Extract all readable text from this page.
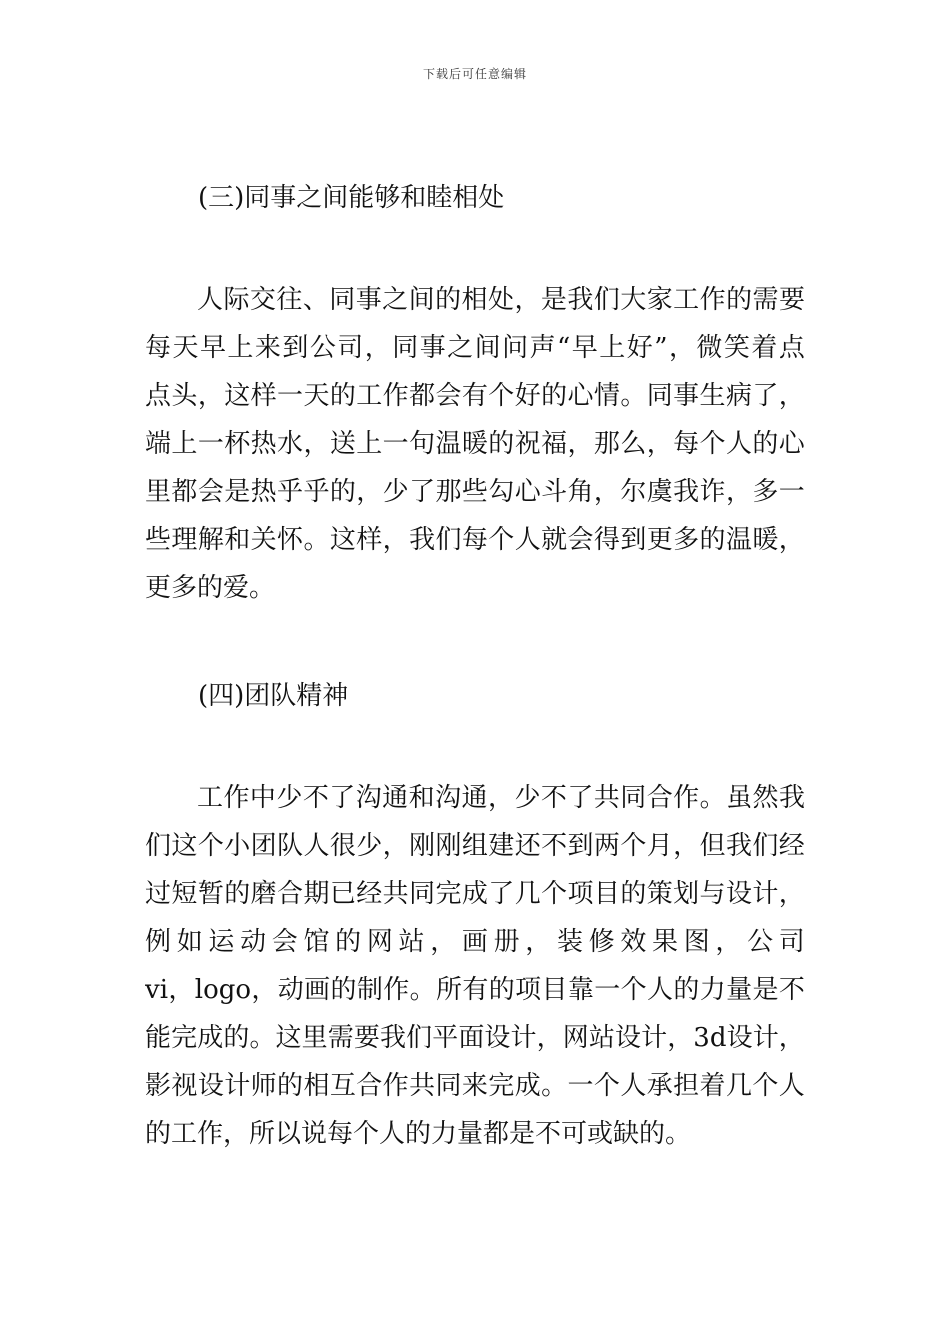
下载后可任意编辑
(三)同事之间能够和睦相处
人 际 交 往 、 同 事 之 间 的 相 处 ， 是 我 们 大 家 工 作 的 需 要
每 天 早 上 来 到 公 司 ， 同 事 之 间 问 声 “ 早 上 好 ” ， 微 笑 着 点
点 头 ， 这 样 一 天 的 工 作 都 会 有 个 好 的 心 情 。 同 事 生 病 了 ，
端 上 一 杯 热 水 ， 送 上 一 句 温 暖 的 祝 福 ， 那 么 ， 每 个 人 的 心
里 都 会 是 热 乎 乎 的 ， 少 了 那 些 勾 心 斗 角 ， 尔 虞 我 诈 ， 多 一
些 理 解 和 关 怀 。 这 样 ， 我 们 每 个 人 就 会 得 到 更 多 的 温 暖 ，
更多的爱。
(四)团队精神
工 作 中 少 不 了 沟 通 和 沟 通 ， 少 不 了 共 同 合 作 。 虽 然 我
们 这 个 小 团 队 人 很 少 ， 刚 刚 组 建 还 不 到 两 个 月 ， 但 我 们 经
过 短 暂 的 磨 合 期 已 经 共 同 完 成 了 几 个 项 目 的 策 划 与 设 计 ，
例 如 运 动 会 馆 的 网 站 ， 画 册 ， 装 修 效 果 图 ， 公 司
vi ， logo ， 动 画 的 制 作 。 所 有 的 项 目 靠 一 个 人 的 力 量 是 不
能 完 成 的 。 这 里 需 要 我 们 平 面 设 计 ， 网 站 设 计 ， 3d 设 计 ，
影 视 设 计 师 的 相 互 合 作 共 同 来 完 成 。 一 个 人 承 担 着 几 个 人
的工作，所以说每个人的力量都是不可或缺的。
